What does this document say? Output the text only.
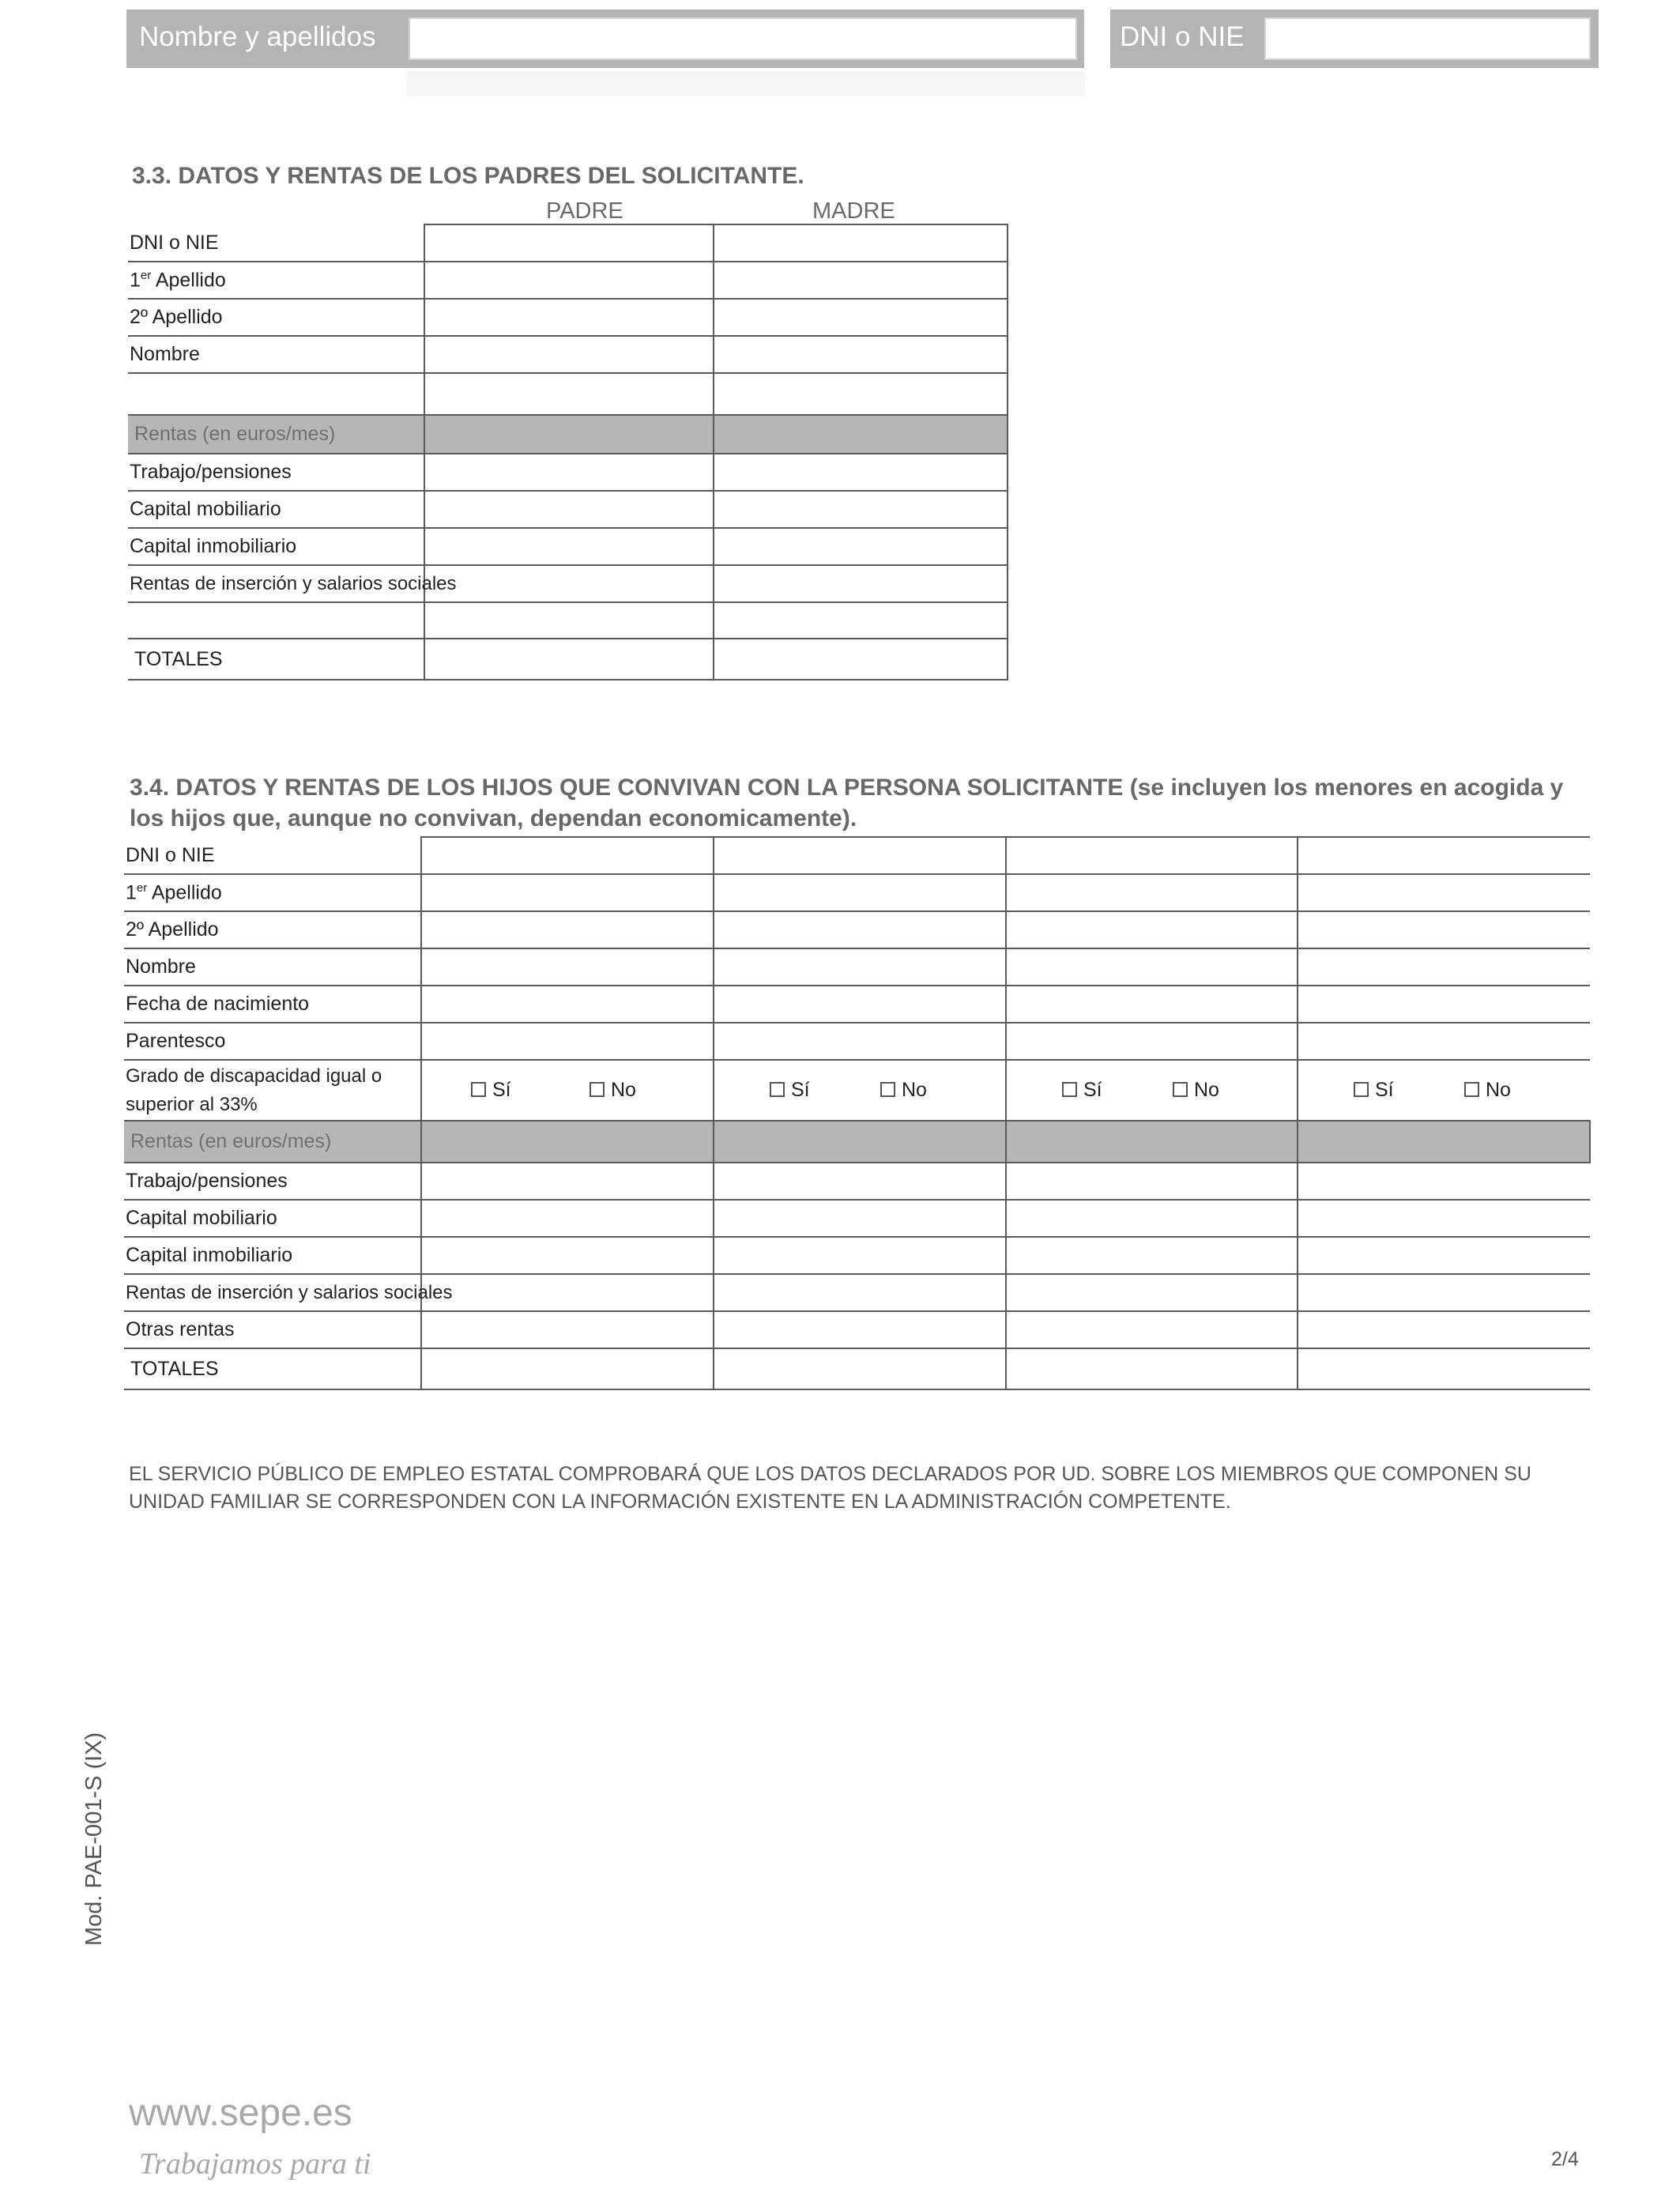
Nombre y apellidos	DNI o NIE
3.3. DATOS Y RENTAS DE LOS PADRES DEL SOLICITANTE.
PADRE	MADRE
DNI o NIE		
1er Apellido		
2º Apellido		
Nombre		

Rentas (en euros/mes)		
Trabajo/pensiones		
Capital mobiliario		
Capital inmobiliario		
Rentas de inserción y salarios sociales		

TOTALES		
3.4. DATOS Y RENTAS DE LOS HIJOS QUE CONVIVAN CON LA PERSONA SOLICITANTE (se incluyen los menores en acogida y los hijos que, aunque no convivan, dependan economicamente).
DNI o NIE				
1er Apellido				
2º Apellido				
Nombre				
Fecha de nacimiento				
Parentesco				
Grado de discapacidad igual o superior al 33%	Sí No	Sí No	Sí No	Sí No
Rentas (en euros/mes)				
Trabajo/pensiones				
Capital mobiliario				
Capital inmobiliario				
Rentas de inserción y salarios sociales				
Otras rentas				
TOTALES				
EL SERVICIO PÚBLICO DE EMPLEO ESTATAL COMPROBARÁ QUE LOS DATOS DECLARADOS POR UD. SOBRE LOS MIEMBROS QUE COMPONEN SU UNIDAD FAMILIAR SE CORRESPONDEN CON LA INFORMACIÓN EXISTENTE EN LA ADMINISTRACIÓN COMPETENTE.
Mod. PAE-001-S (IX)
www.sepe.es
Trabajamos para ti	2/4
